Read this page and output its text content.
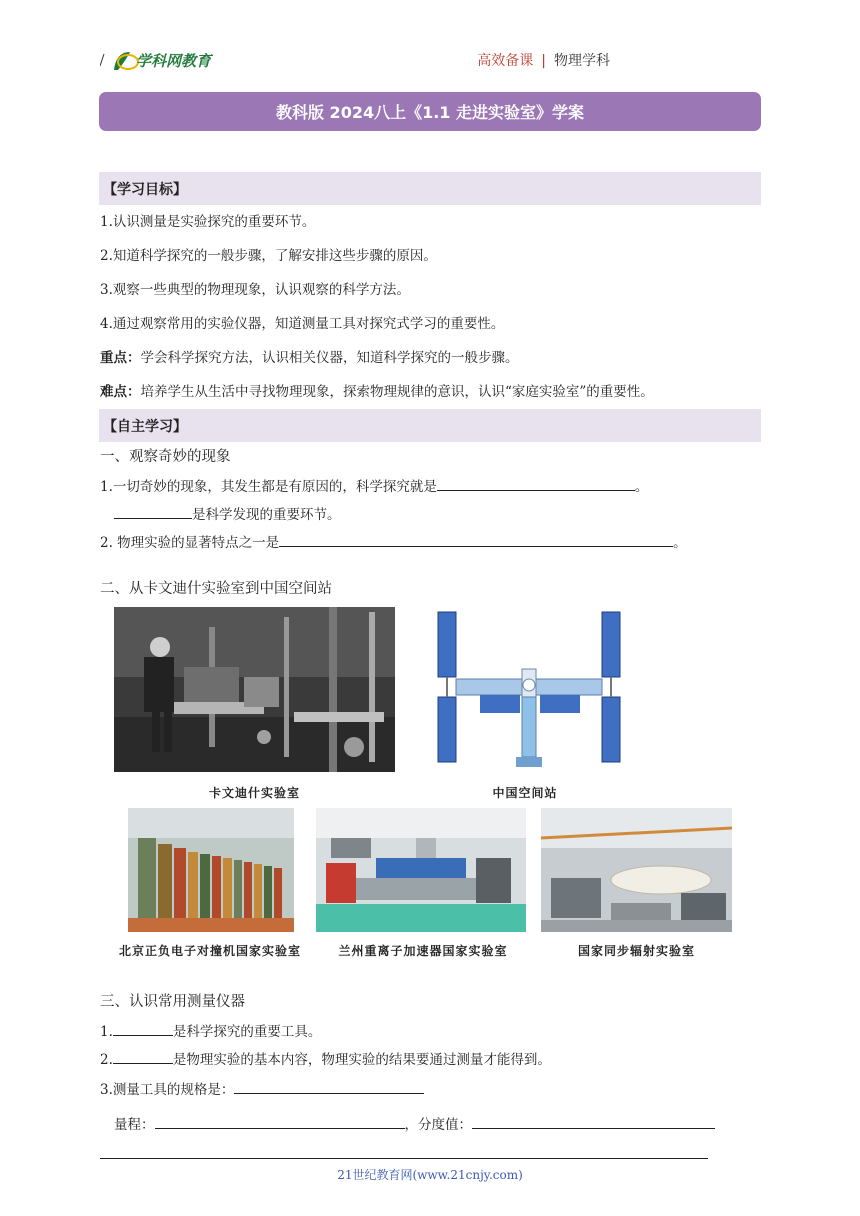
学科网教育	高效备课 | 物理学科
教科版 2024八上《1.1 走进实验室》学案
【学习目标】
1.认识测量是实验探究的重要环节。
2.知道科学探究的一般步骤，了解安排这些步骤的原因。
3.观察一些典型的物理现象，认识观察的科学方法。
4.通过观察常用的实验仪器，知道测量工具对探究式学习的重要性。
重点：学会科学探究方法，认识相关仪器，知道科学探究的一般步骤。
难点：培养学生从生活中寻找物理现象，探索物理规律的意识，认识“家庭实验室”的重要性。
【自主学习】
一、观察奇妙的现象
1.一切奇妙的现象，其发生都是有原因的，科学探究就是	。
是科学发现的重要环节。
2. 物理实验的显著特点之一是	。
二、从卡文迪什实验室到中国空间站
卡文迪什实验室	中国空间站
北京正负电子对撞机国家实验室	兰州重离子加速器国家实验室	国家同步辐射实验室
三、认识常用测量仪器
1.	是科学探究的重要工具。
2.	是物理实验的基本内容，物理实验的结果要通过测量才能得到。
3.测量工具的规格是：
量程：	，分度值：
21世纪教育网(www.21cnjy.com)
